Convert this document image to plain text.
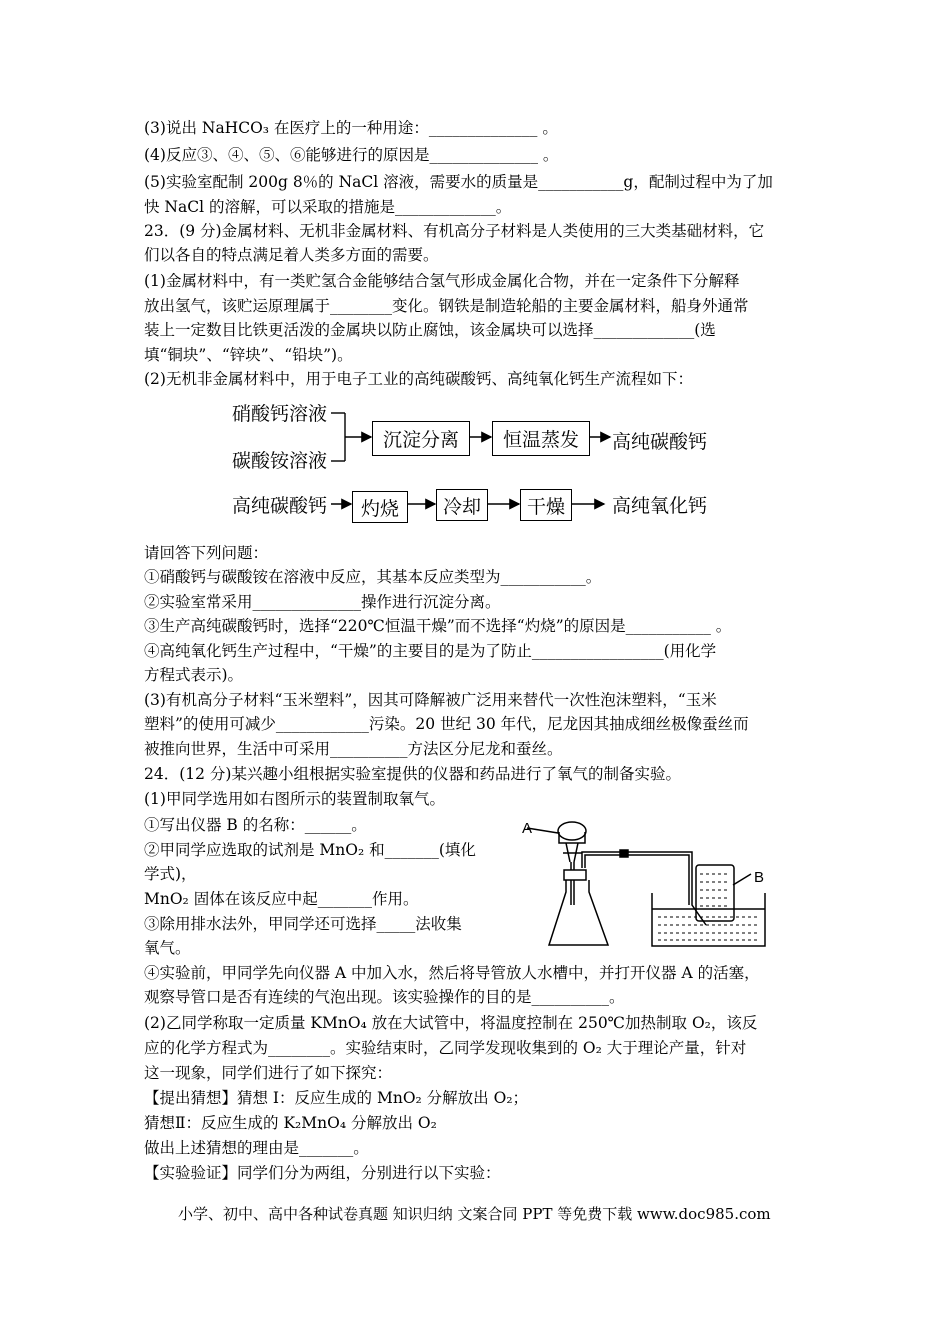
(3)说出 NaHCO₃ 在医疗上的一种用途：______________ 。
(4)反应③、④、⑤、⑥能够进行的原因是______________ 。
(5)实验室配制 200g 8％的 NaCl 溶液，需要水的质量是___________g，配制过程中为了加
快 NaCl 的溶解，可以采取的措施是_____________。
23．(9 分)金属材料、无机非金属材料、有机高分子材料是人类使用的三大类基础材料，它
们以各自的特点满足着人类多方面的需要。
(1)金属材料中，有一类贮氢合金能够结合氢气形成金属化合物，并在一定条件下分解释
放出氢气，该贮运原理属于________变化。钢铁是制造轮船的主要金属材料，船身外通常
装上一定数目比铁更活泼的金属块以防止腐蚀，该金属块可以选择_____________(选
填“铜块”、“锌块”、“铅块”)。
(2)无机非金属材料中，用于电子工业的高纯碳酸钙、高纯氧化钙生产流程如下：
硝酸钙溶液
碳酸铵溶液
沉淀分离	恒温蒸发	高纯碳酸钙
高纯碳酸钙	灼烧	冷却	干燥	高纯氧化钙
A
B
请回答下列问题：
①硝酸钙与碳酸铵在溶液中反应，其基本反应类型为___________。
②实验室常采用______________操作进行沉淀分离。
③生产高纯碳酸钙时，选择“220℃恒温干燥”而不选择“灼烧”的原因是___________ 。
④高纯氧化钙生产过程中，“干燥”的主要目的是为了防止_________________(用化学
方程式表示)。
(3)有机高分子材料“玉米塑料”，因其可降解被广泛用来替代一次性泡沫塑料，“玉米
塑料”的使用可减少____________污染。20 世纪 30 年代，尼龙因其抽成细丝极像蚕丝而
被推向世界，生活中可采用__________方法区分尼龙和蚕丝。
24．(12 分)某兴趣小组根据实验室提供的仪器和药品进行了氧气的制备实验。
(1)甲同学选用如右图所示的装置制取氧气。
①写出仪器 B 的名称：______。
②甲同学应选取的试剂是 MnO₂ 和_______(填化
学式)，
MnO₂ 固体在该反应中起_______作用。
③除用排水法外，甲同学还可选择_____法收集
氧气。
④实验前，甲同学先向仪器 A 中加入水，然后将导管放人水槽中，并打开仪器 A 的活塞，
观察导管口是否有连续的气泡出现。该实验操作的目的是__________。
(2)乙同学称取一定质量 KMnO₄ 放在大试管中，将温度控制在 250℃加热制取 O₂，该反
应的化学方程式为________。实验结束时，乙同学发现收集到的 O₂ 大于理论产量，针对
这一现象，同学们进行了如下探究：
【提出猜想】猜想 I：反应生成的 MnO₂ 分解放出 O₂；
猜想Ⅱ：反应生成的 K₂MnO₄ 分解放出 O₂
做出上述猜想的理由是_______。
【实验验证】同学们分为两组，分别进行以下实验：
小学、初中、高中各种试卷真题 知识归纳 文案合同 PPT 等免费下载 www.doc985.com
